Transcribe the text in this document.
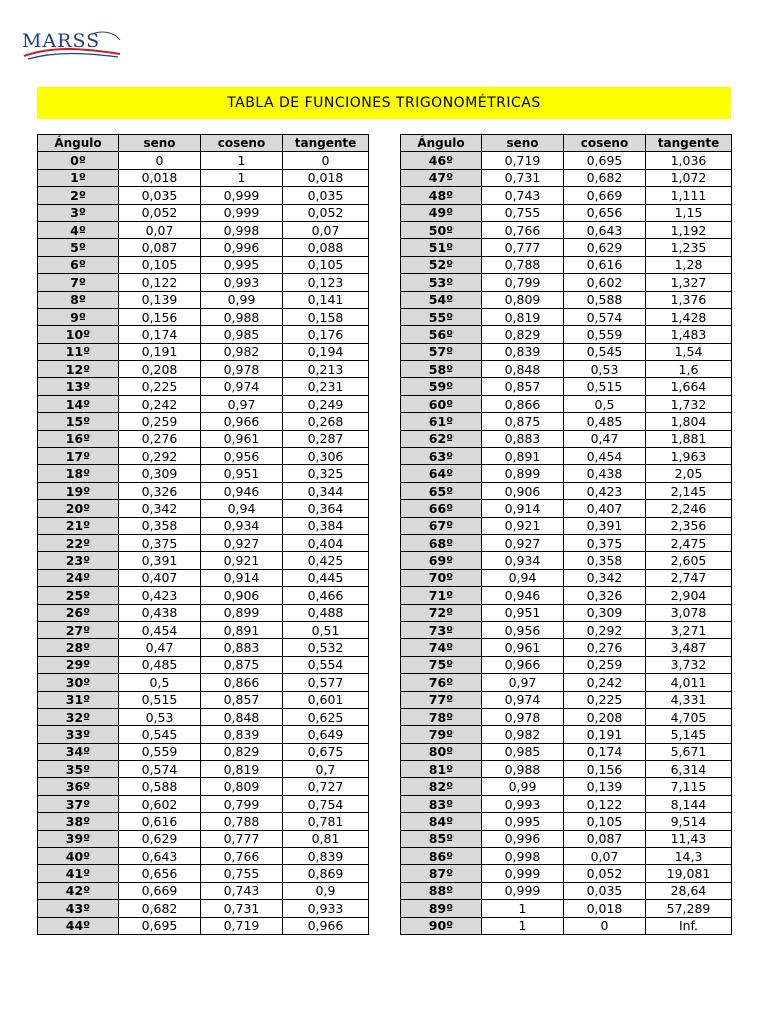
MARSS
TABLA DE FUNCIONES TRIGONOMÉTRICAS
Ángulo	seno	coseno	tangente
0º	0	1	0
1º	0,018	1	0,018
2º	0,035	0,999	0,035
3º	0,052	0,999	0,052
4º	0,07	0,998	0,07
5º	0,087	0,996	0,088
6º	0,105	0,995	0,105
7º	0,122	0,993	0,123
8º	0,139	0,99	0,141
9º	0,156	0,988	0,158
10º	0,174	0,985	0,176
11º	0,191	0,982	0,194
12º	0,208	0,978	0,213
13º	0,225	0,974	0,231
14º	0,242	0,97	0,249
15º	0,259	0,966	0,268
16º	0,276	0,961	0,287
17º	0,292	0,956	0,306
18º	0,309	0,951	0,325
19º	0,326	0,946	0,344
20º	0,342	0,94	0,364
21º	0,358	0,934	0,384
22º	0,375	0,927	0,404
23º	0,391	0,921	0,425
24º	0,407	0,914	0,445
25º	0,423	0,906	0,466
26º	0,438	0,899	0,488
27º	0,454	0,891	0,51
28º	0,47	0,883	0,532
29º	0,485	0,875	0,554
30º	0,5	0,866	0,577
31º	0,515	0,857	0,601
32º	0,53	0,848	0,625
33º	0,545	0,839	0,649
34º	0,559	0,829	0,675
35º	0,574	0,819	0,7
36º	0,588	0,809	0,727
37º	0,602	0,799	0,754
38º	0,616	0,788	0,781
39º	0,629	0,777	0,81
40º	0,643	0,766	0,839
41º	0,656	0,755	0,869
42º	0,669	0,743	0,9
43º	0,682	0,731	0,933
44º	0,695	0,719	0,966
Ángulo	seno	coseno	tangente
46º	0,719	0,695	1,036
47º	0,731	0,682	1,072
48º	0,743	0,669	1,111
49º	0,755	0,656	1,15
50º	0,766	0,643	1,192
51º	0,777	0,629	1,235
52º	0,788	0,616	1,28
53º	0,799	0,602	1,327
54º	0,809	0,588	1,376
55º	0,819	0,574	1,428
56º	0,829	0,559	1,483
57º	0,839	0,545	1,54
58º	0,848	0,53	1,6
59º	0,857	0,515	1,664
60º	0,866	0,5	1,732
61º	0,875	0,485	1,804
62º	0,883	0,47	1,881
63º	0,891	0,454	1,963
64º	0,899	0,438	2,05
65º	0,906	0,423	2,145
66º	0,914	0,407	2,246
67º	0,921	0,391	2,356
68º	0,927	0,375	2,475
69º	0,934	0,358	2,605
70º	0,94	0,342	2,747
71º	0,946	0,326	2,904
72º	0,951	0,309	3,078
73º	0,956	0,292	3,271
74º	0,961	0,276	3,487
75º	0,966	0,259	3,732
76º	0,97	0,242	4,011
77º	0,974	0,225	4,331
78º	0,978	0,208	4,705
79º	0,982	0,191	5,145
80º	0,985	0,174	5,671
81º	0,988	0,156	6,314
82º	0,99	0,139	7,115
83º	0,993	0,122	8,144
84º	0,995	0,105	9,514
85º	0,996	0,087	11,43
86º	0,998	0,07	14,3
87º	0,999	0,052	19,081
88º	0,999	0,035	28,64
89º	1	0,018	57,289
90º	1	0	Inf.
